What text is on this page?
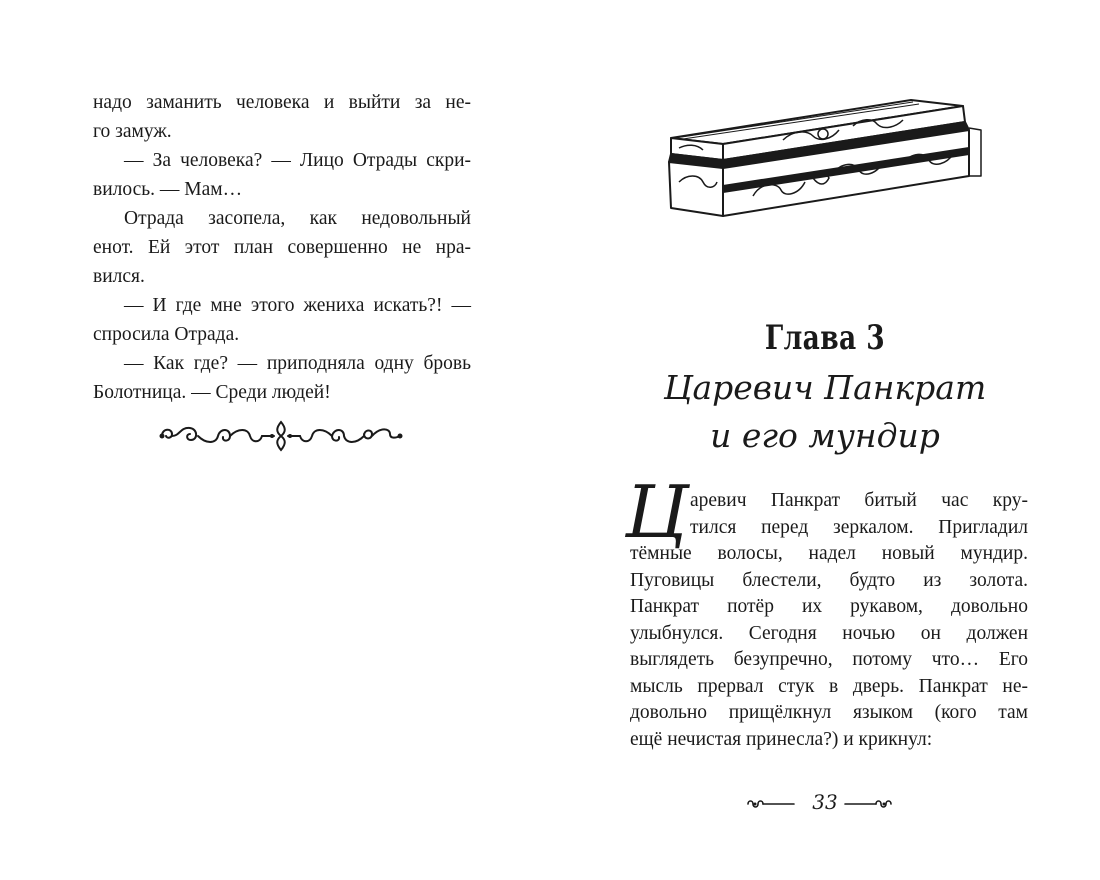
надо заманить человека и выйти за не-
го замуж.
— За человека? — Лицо Отрады скри-
вилось. — Мам…
Отрада засопела, как недовольный
енот. Ей этот план совершенно не нра-
вился.
— И где мне этого жениха искать?! —
спросила Отрада.
— Как где? — приподняла одну бровь
Болотница. — Среди людей!
Глава 3
Царевич Панкрат
и его мундир
Ц аревич Панкрат битый час кру-
тился перед зеркалом. Пригладил
тёмные волосы, надел новый мундир.
Пуговицы блестели, будто из золота.
Панкрат потёр их рукавом, довольно
улыбнулся. Сегодня ночью он должен
выглядеть безупречно, потому что… Его
мысль прервал стук в дверь. Панкрат не-
довольно прищёлкнул языком (кого там
ещё нечистая принесла?) и крикнул:
33
